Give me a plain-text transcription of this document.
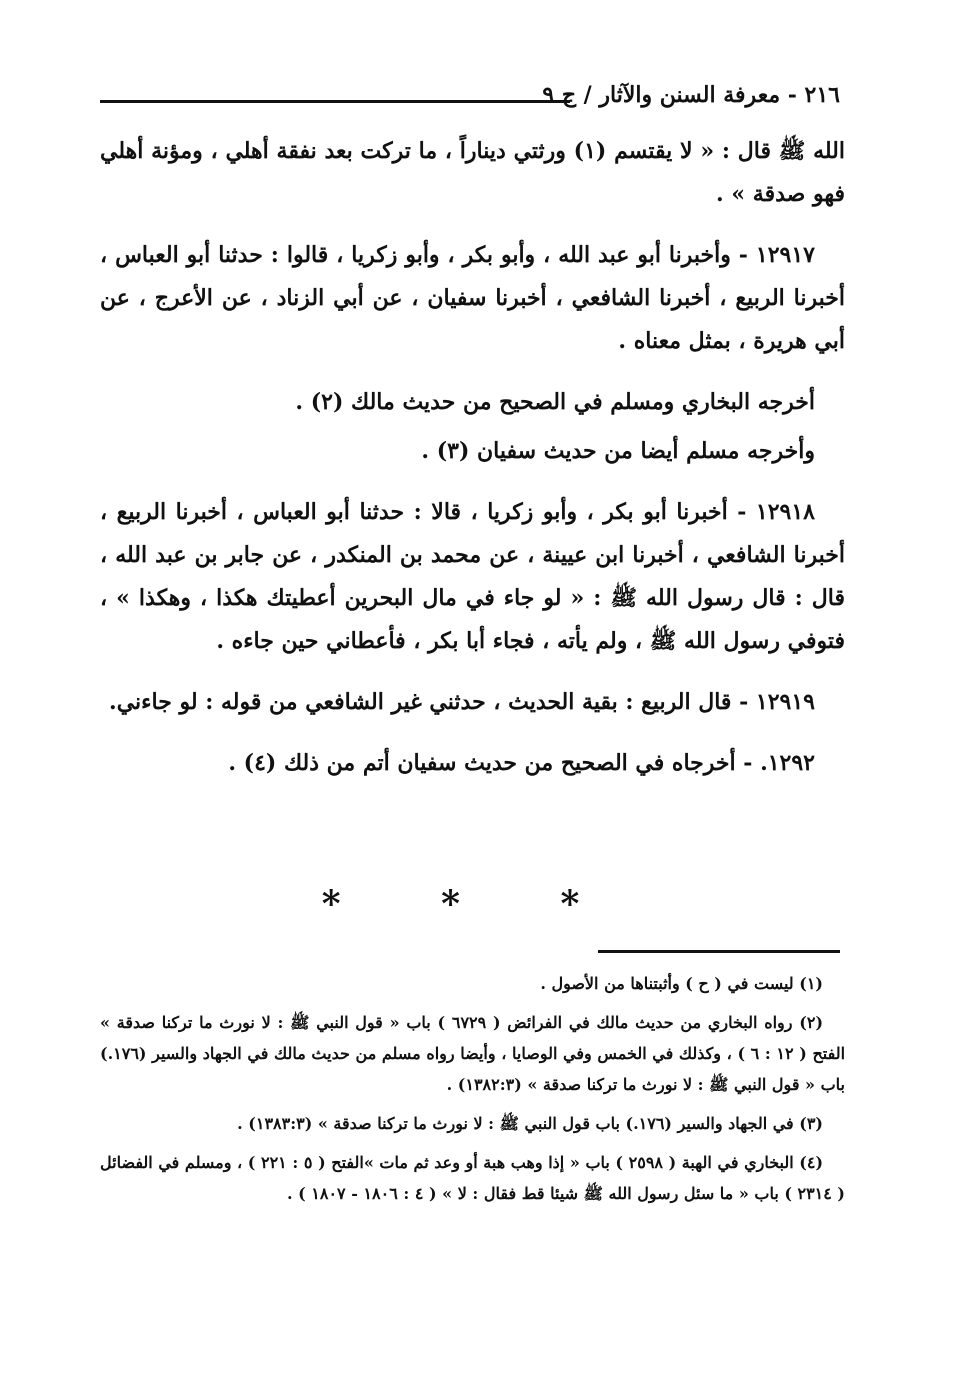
٢١٦ - معرفة السنن والآثار / ج ٩

الله ﷺ قال : « لا يقتسم (١) ورثتي ديناراً ، ما تركت بعد نفقة أهلي ، ومؤنة أهلي فهو صدقة » .

١٢٩١٧ - وأخبرنا أبو عبد الله ، وأبو بكر ، وأبو زكريا ، قالوا : حدثنا أبو العباس ، أخبرنا الربيع ، أخبرنا الشافعي ، أخبرنا سفيان ، عن أبي الزناد ، عن الأعرج ، عن أبي هريرة ، بمثل معناه .

أخرجه البخاري ومسلم في الصحيح من حديث مالك (٢) .

وأخرجه مسلم أيضا من حديث سفيان (٣) .

١٢٩١٨ - أخبرنا أبو بكر ، وأبو زكريا ، قالا : حدثنا أبو العباس ، أخبرنا الربيع ، أخبرنا الشافعي ، أخبرنا ابن عيينة ، عن محمد بن المنكدر ، عن جابر بن عبد الله ، قال : قال رسول الله ﷺ : « لو جاء في مال البحرين أعطيتك هكذا ، وهكذا » ، فتوفي رسول الله ﷺ ، ولم يأته ، فجاء أبا بكر ، فأعطاني حين جاءه .

١٢٩١٩ - قال الربيع : بقية الحديث ، حدثني غير الشافعي من قوله : لو جاءني.

١٢٩٢. - أخرجاه في الصحيح من حديث سفيان أتم من ذلك (٤) .

* * *

(١) ليست في ( ح ) وأثبتناها من الأصول .

(٢) رواه البخاري من حديث مالك في الفرائض ( ٦٧٢٩ ) باب « قول النبي ﷺ : لا نورث ما تركنا صدقة » الفتح ( ١٢ : ٦ ) ، وكذلك في الخمس وفي الوصايا ، وأيضا رواه مسلم من حديث مالك في الجهاد والسير (١٧٦.) باب « قول النبي ﷺ : لا نورث ما تركنا صدقة » (١٣٨٢:٣) .

(٣) في الجهاد والسير (١٧٦.) باب قول النبي ﷺ : لا نورث ما تركنا صدقة » (١٣٨٣:٣) .

(٤) البخاري في الهبة ( ٢٥٩٨ ) باب « إذا وهب هبة أو وعد ثم مات »الفتح ( ٥ : ٢٢١ ) ، ومسلم في الفضائل ( ٢٣١٤ ) باب « ما سئل رسول الله ﷺ شيئا قط فقال : لا » ( ٤ : ١٨٠٦ - ١٨٠٧ ) .
